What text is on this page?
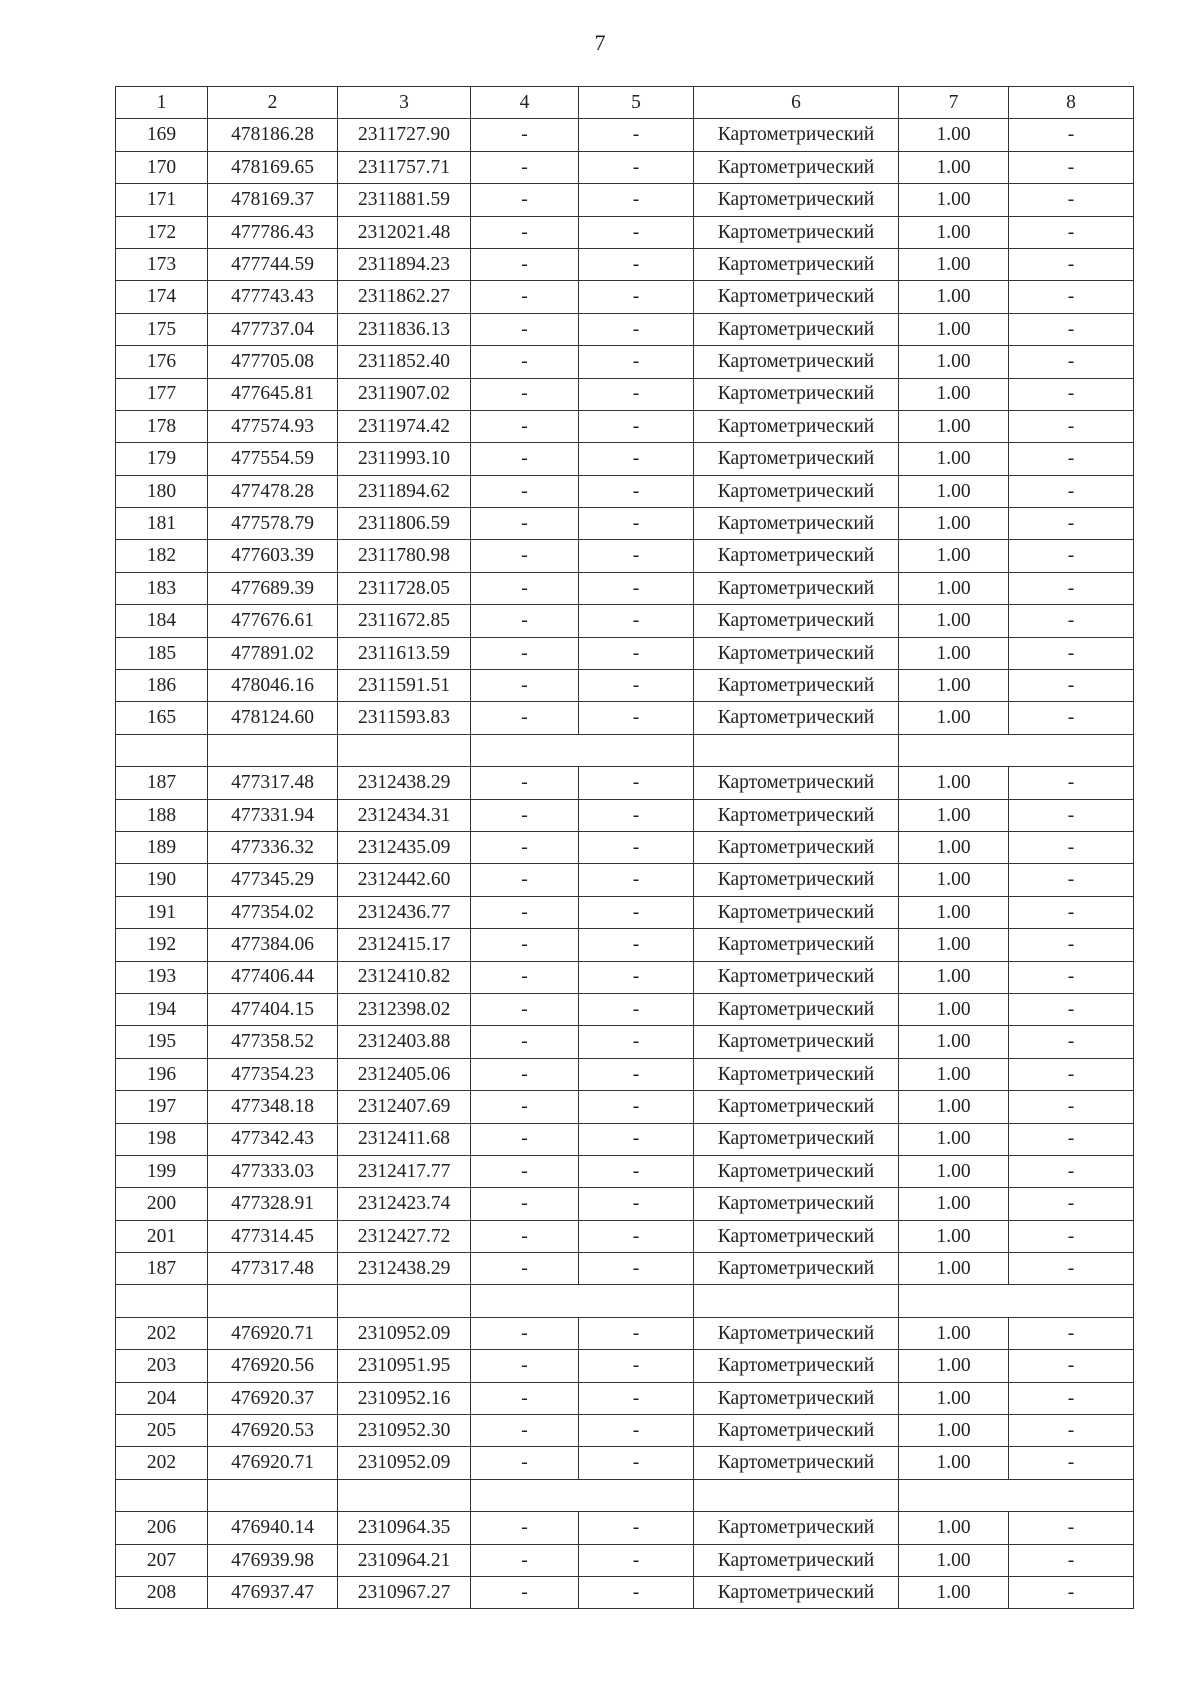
7
1	2	3	4	5	6	7	8
169	478186.28	2311727.90	-	-	Картометрический	1.00	-
170	478169.65	2311757.71	-	-	Картометрический	1.00	-
171	478169.37	2311881.59	-	-	Картометрический	1.00	-
172	477786.43	2312021.48	-	-	Картометрический	1.00	-
173	477744.59	2311894.23	-	-	Картометрический	1.00	-
174	477743.43	2311862.27	-	-	Картометрический	1.00	-
175	477737.04	2311836.13	-	-	Картометрический	1.00	-
176	477705.08	2311852.40	-	-	Картометрический	1.00	-
177	477645.81	2311907.02	-	-	Картометрический	1.00	-
178	477574.93	2311974.42	-	-	Картометрический	1.00	-
179	477554.59	2311993.10	-	-	Картометрический	1.00	-
180	477478.28	2311894.62	-	-	Картометрический	1.00	-
181	477578.79	2311806.59	-	-	Картометрический	1.00	-
182	477603.39	2311780.98	-	-	Картометрический	1.00	-
183	477689.39	2311728.05	-	-	Картометрический	1.00	-
184	477676.61	2311672.85	-	-	Картометрический	1.00	-
185	477891.02	2311613.59	-	-	Картометрический	1.00	-
186	478046.16	2311591.51	-	-	Картометрический	1.00	-
165	478124.60	2311593.83	-	-	Картометрический	1.00	-

187	477317.48	2312438.29	-	-	Картометрический	1.00	-
188	477331.94	2312434.31	-	-	Картометрический	1.00	-
189	477336.32	2312435.09	-	-	Картометрический	1.00	-
190	477345.29	2312442.60	-	-	Картометрический	1.00	-
191	477354.02	2312436.77	-	-	Картометрический	1.00	-
192	477384.06	2312415.17	-	-	Картометрический	1.00	-
193	477406.44	2312410.82	-	-	Картометрический	1.00	-
194	477404.15	2312398.02	-	-	Картометрический	1.00	-
195	477358.52	2312403.88	-	-	Картометрический	1.00	-
196	477354.23	2312405.06	-	-	Картометрический	1.00	-
197	477348.18	2312407.69	-	-	Картометрический	1.00	-
198	477342.43	2312411.68	-	-	Картометрический	1.00	-
199	477333.03	2312417.77	-	-	Картометрический	1.00	-
200	477328.91	2312423.74	-	-	Картометрический	1.00	-
201	477314.45	2312427.72	-	-	Картометрический	1.00	-
187	477317.48	2312438.29	-	-	Картометрический	1.00	-

202	476920.71	2310952.09	-	-	Картометрический	1.00	-
203	476920.56	2310951.95	-	-	Картометрический	1.00	-
204	476920.37	2310952.16	-	-	Картометрический	1.00	-
205	476920.53	2310952.30	-	-	Картометрический	1.00	-
202	476920.71	2310952.09	-	-	Картометрический	1.00	-

206	476940.14	2310964.35	-	-	Картометрический	1.00	-
207	476939.98	2310964.21	-	-	Картометрический	1.00	-
208	476937.47	2310967.27	-	-	Картометрический	1.00	-
